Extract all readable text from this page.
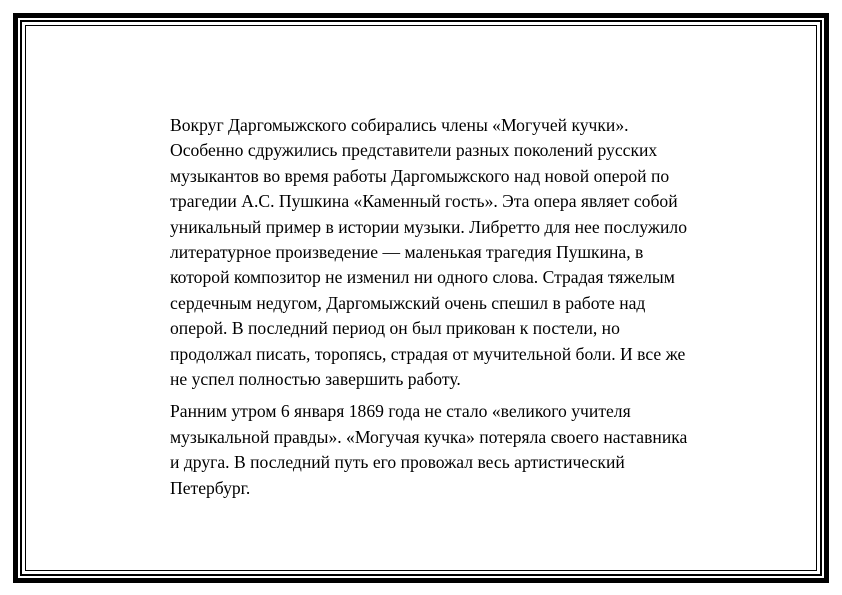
Вокруг Даргомыжского собирались члены «Могучей кучки».
Особенно сдружились представители разных поколений русских
музыкантов во время работы Даргомыжского над новой оперой по
трагедии А.С. Пушкина «Каменный гость». Эта опера являет собой
уникальный пример в истории музыки. Либретто для нее послужило
литературное произведение — маленькая трагедия Пушкина, в
которой композитор не изменил ни одного слова. Страдая тяжелым
сердечным недугом, Даргомыжский очень спешил в работе над
оперой. В последний период он был прикован к постели, но
продолжал писать, торопясь, страдая от мучительной боли. И все же
не успел полностью завершить работу.

Ранним утром 6 января 1869 года не стало «великого учителя
музыкальной правды». «Могучая кучка» потеряла своего наставника
и друга. В последний путь его провожал весь артистический
Петербург.
